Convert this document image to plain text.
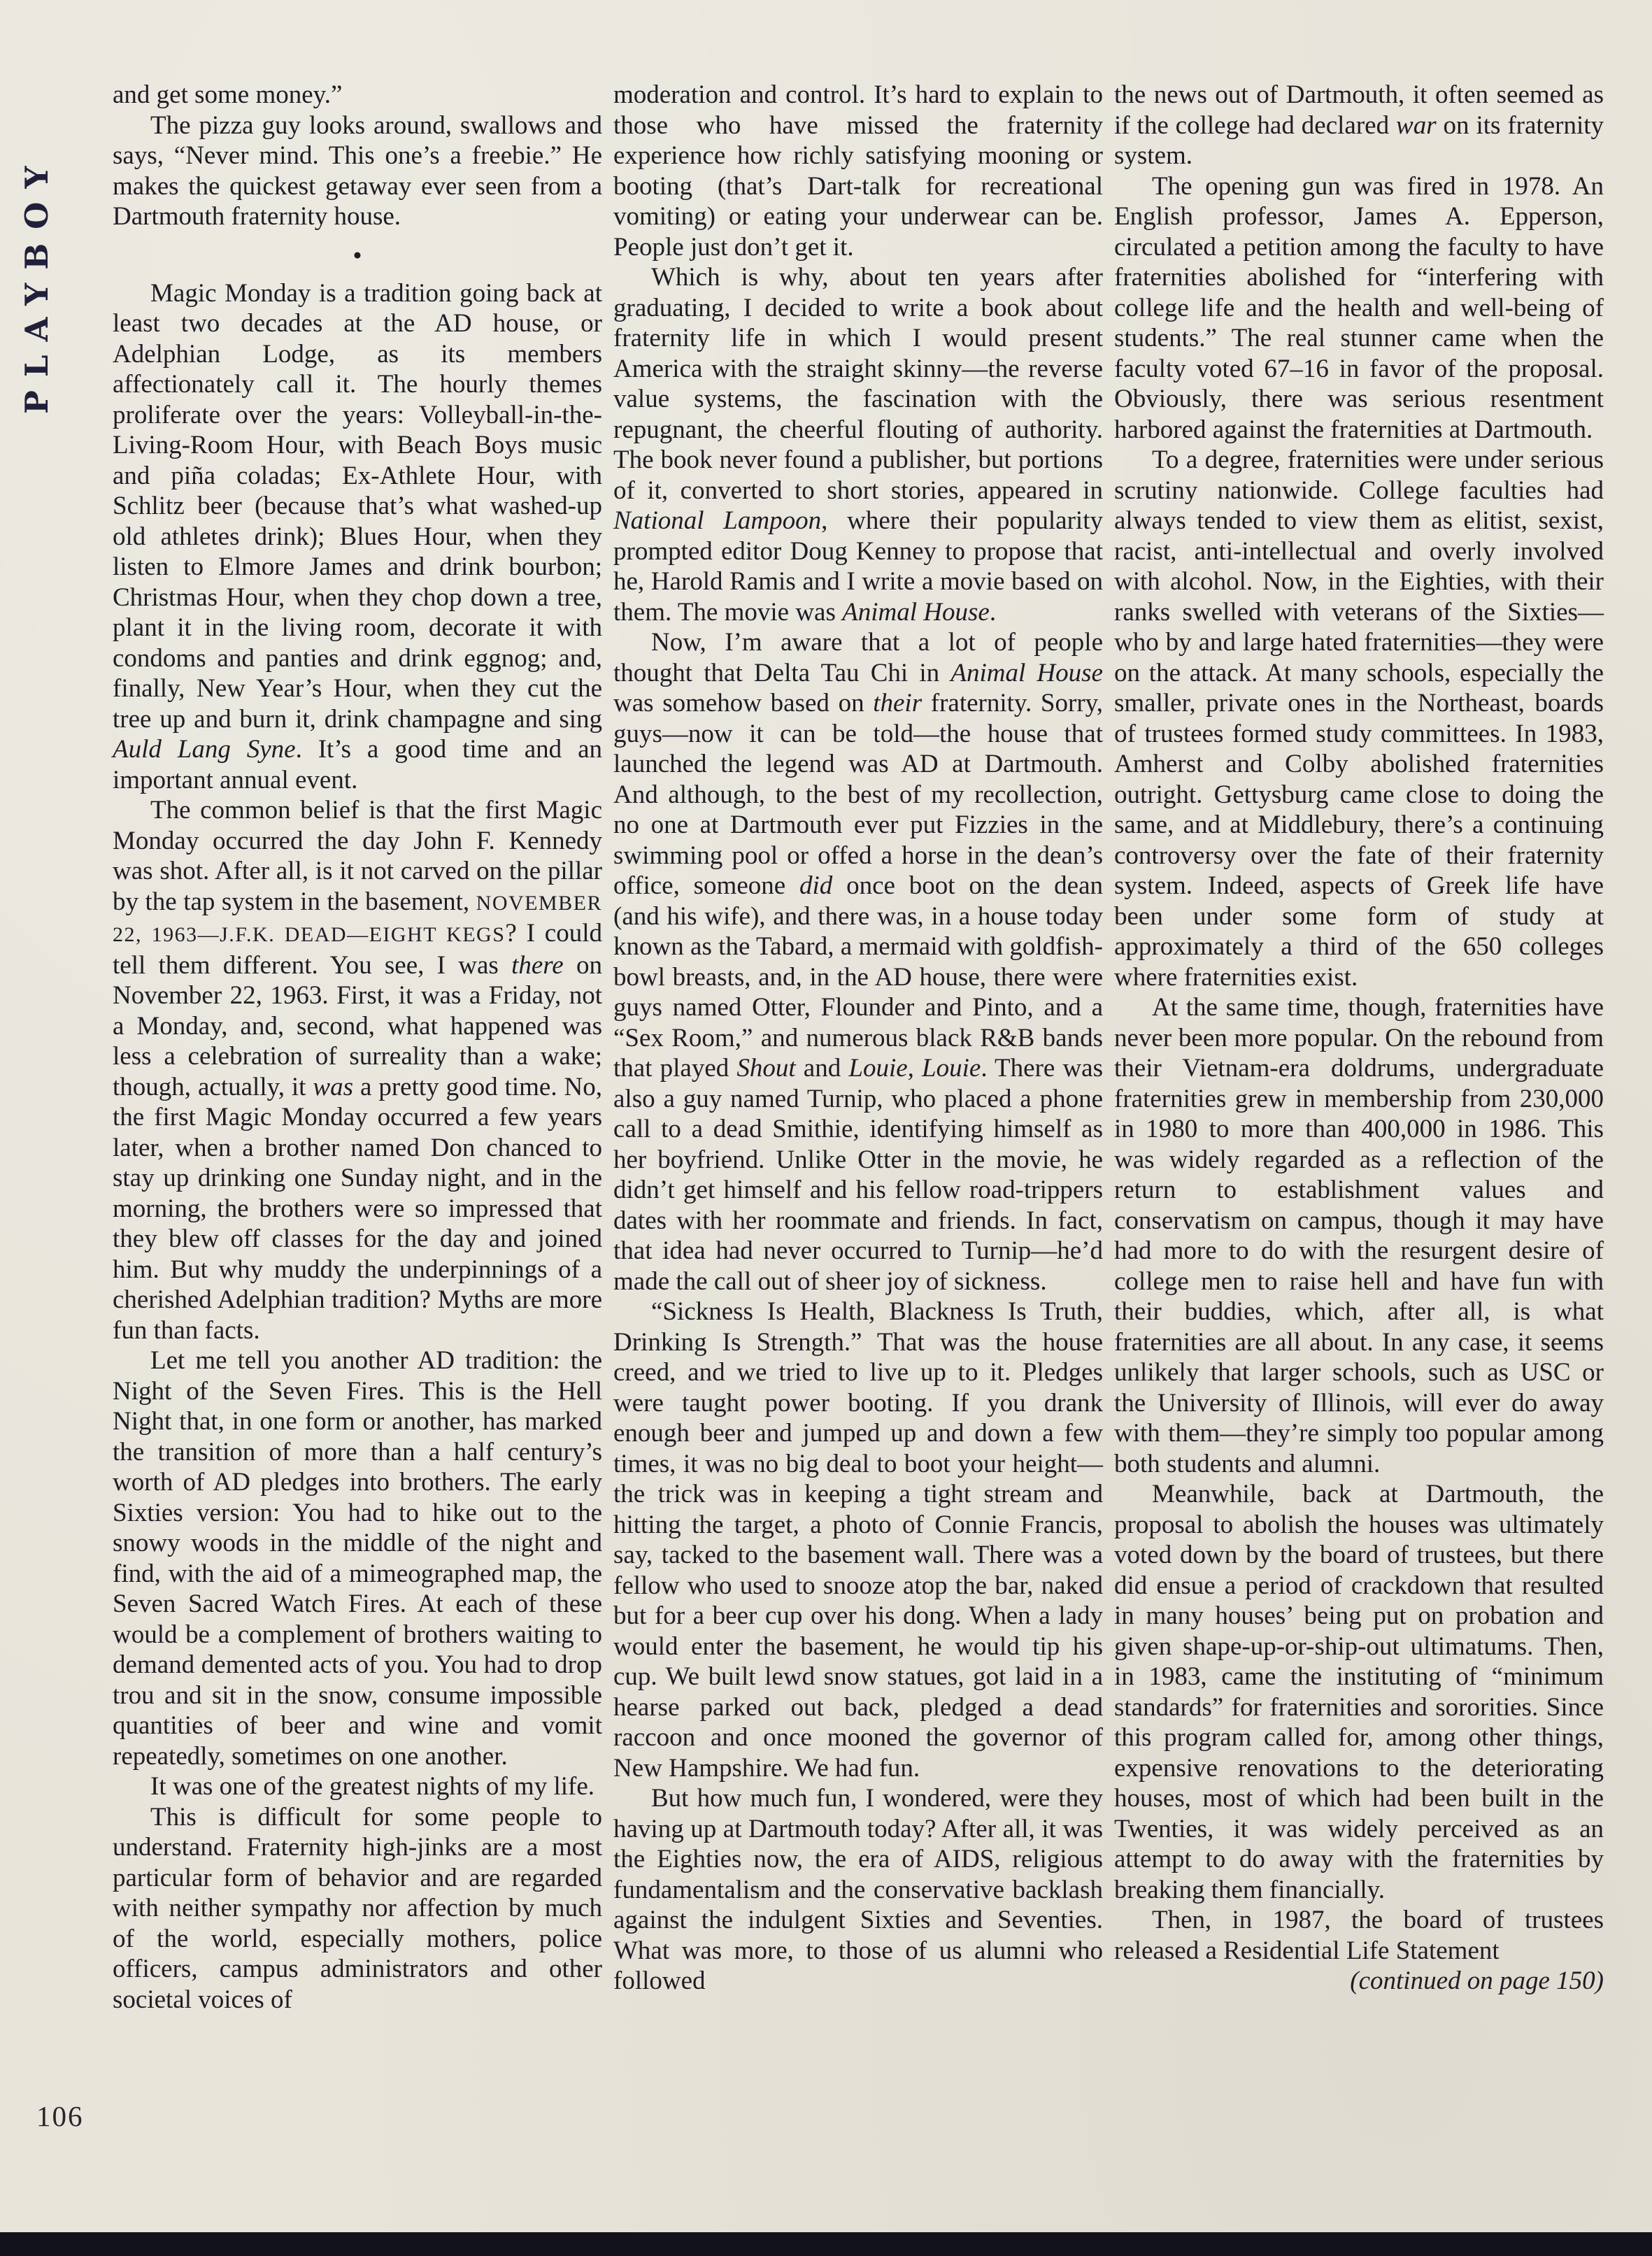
PLAYBOY

and get some money.”

The pizza guy looks around, swallows and says, “Never mind. This one’s a freebie.” He makes the quickest getaway ever seen from a Dartmouth fraternity house.

●

Magic Monday is a tradition going back at least two decades at the AD house, or Adelphian Lodge, as its members affectionately call it. The hourly themes proliferate over the years: Volleyball-in-the-Living-Room Hour, with Beach Boys music and piña coladas; Ex-Athlete Hour, with Schlitz beer (because that’s what washed-up old athletes drink); Blues Hour, when they listen to Elmore James and drink bourbon; Christmas Hour, when they chop down a tree, plant it in the living room, decorate it with condoms and panties and drink eggnog; and, finally, New Year’s Hour, when they cut the tree up and burn it, drink champagne and sing Auld Lang Syne. It’s a good time and an important annual event.

The common belief is that the first Magic Monday occurred the day John F. Kennedy was shot. After all, is it not carved on the pillar by the tap system in the basement, NOVEMBER 22, 1963—J.F.K. DEAD—EIGHT KEGS? I could tell them different. You see, I was there on November 22, 1963. First, it was a Friday, not a Monday, and, second, what happened was less a celebration of surreality than a wake; though, actually, it was a pretty good time. No, the first Magic Monday occurred a few years later, when a brother named Don chanced to stay up drinking one Sunday night, and in the morning, the brothers were so impressed that they blew off classes for the day and joined him. But why muddy the underpinnings of a cherished Adelphian tradition? Myths are more fun than facts.

Let me tell you another AD tradition: the Night of the Seven Fires. This is the Hell Night that, in one form or another, has marked the transition of more than a half century’s worth of AD pledges into brothers. The early Sixties version: You had to hike out to the snowy woods in the middle of the night and find, with the aid of a mimeographed map, the Seven Sacred Watch Fires. At each of these would be a complement of brothers waiting to demand demented acts of you. You had to drop trou and sit in the snow, consume impossible quantities of beer and wine and vomit repeatedly, sometimes on one another.

It was one of the greatest nights of my life.

This is difficult for some people to understand. Fraternity high-jinks are a most particular form of behavior and are regarded with neither sympathy nor affection by much of the world, especially mothers, police officers, campus administrators and other societal voices of

moderation and control. It’s hard to explain to those who have missed the fraternity experience how richly satisfying mooning or booting (that’s Dart-talk for recreational vomiting) or eating your underwear can be. People just don’t get it.

Which is why, about ten years after graduating, I decided to write a book about fraternity life in which I would present America with the straight skinny—the reverse value systems, the fascination with the repugnant, the cheerful flouting of authority. The book never found a publisher, but portions of it, converted to short stories, appeared in National Lampoon, where their popularity prompted editor Doug Kenney to propose that he, Harold Ramis and I write a movie based on them. The movie was Animal House.

Now, I’m aware that a lot of people thought that Delta Tau Chi in Animal House was somehow based on their fraternity. Sorry, guys—now it can be told—the house that launched the legend was AD at Dartmouth. And although, to the best of my recollection, no one at Dartmouth ever put Fizzies in the swimming pool or offed a horse in the dean’s office, someone did once boot on the dean (and his wife), and there was, in a house today known as the Tabard, a mermaid with goldfish-bowl breasts, and, in the AD house, there were guys named Otter, Flounder and Pinto, and a “Sex Room,” and numerous black R&B bands that played Shout and Louie, Louie. There was also a guy named Turnip, who placed a phone call to a dead Smithie, identifying himself as her boyfriend. Unlike Otter in the movie, he didn’t get himself and his fellow road-trippers dates with her roommate and friends. In fact, that idea had never occurred to Turnip—he’d made the call out of sheer joy of sickness.

“Sickness Is Health, Blackness Is Truth, Drinking Is Strength.” That was the house creed, and we tried to live up to it. Pledges were taught power booting. If you drank enough beer and jumped up and down a few times, it was no big deal to boot your height—the trick was in keeping a tight stream and hitting the target, a photo of Connie Francis, say, tacked to the basement wall. There was a fellow who used to snooze atop the bar, naked but for a beer cup over his dong. When a lady would enter the basement, he would tip his cup. We built lewd snow statues, got laid in a hearse parked out back, pledged a dead raccoon and once mooned the governor of New Hampshire. We had fun.

But how much fun, I wondered, were they having up at Dartmouth today? After all, it was the Eighties now, the era of AIDS, religious fundamentalism and the conservative backlash against the indulgent Sixties and Seventies. What was more, to those of us alumni who followed

the news out of Dartmouth, it often seemed as if the college had declared war on its fraternity system.

The opening gun was fired in 1978. An English professor, James A. Epperson, circulated a petition among the faculty to have fraternities abolished for “interfering with college life and the health and well-being of students.” The real stunner came when the faculty voted 67–16 in favor of the proposal. Obviously, there was serious resentment harbored against the fraternities at Dartmouth.

To a degree, fraternities were under serious scrutiny nationwide. College faculties had always tended to view them as elitist, sexist, racist, anti-intellectual and overly involved with alcohol. Now, in the Eighties, with their ranks swelled with veterans of the Sixties—who by and large hated fraternities—they were on the attack. At many schools, especially the smaller, private ones in the Northeast, boards of trustees formed study committees. In 1983, Amherst and Colby abolished fraternities outright. Gettysburg came close to doing the same, and at Middlebury, there’s a continuing controversy over the fate of their fraternity system. Indeed, aspects of Greek life have been under some form of study at approximately a third of the 650 colleges where fraternities exist.

At the same time, though, fraternities have never been more popular. On the rebound from their Vietnam-era doldrums, undergraduate fraternities grew in membership from 230,000 in 1980 to more than 400,000 in 1986. This was widely regarded as a reflection of the return to establishment values and conservatism on campus, though it may have had more to do with the resurgent desire of college men to raise hell and have fun with their buddies, which, after all, is what fraternities are all about. In any case, it seems unlikely that larger schools, such as USC or the University of Illinois, will ever do away with them—they’re simply too popular among both students and alumni.

Meanwhile, back at Dartmouth, the proposal to abolish the houses was ultimately voted down by the board of trustees, but there did ensue a period of crackdown that resulted in many houses’ being put on probation and given shape-up-or-ship-out ultimatums. Then, in 1983, came the instituting of “minimum standards” for fraternities and sororities. Since this program called for, among other things, expensive renovations to the deteriorating houses, most of which had been built in the Twenties, it was widely perceived as an attempt to do away with the fraternities by breaking them financially.

Then, in 1987, the board of trustees released a Residential Life Statement

(continued on page 150)

106
